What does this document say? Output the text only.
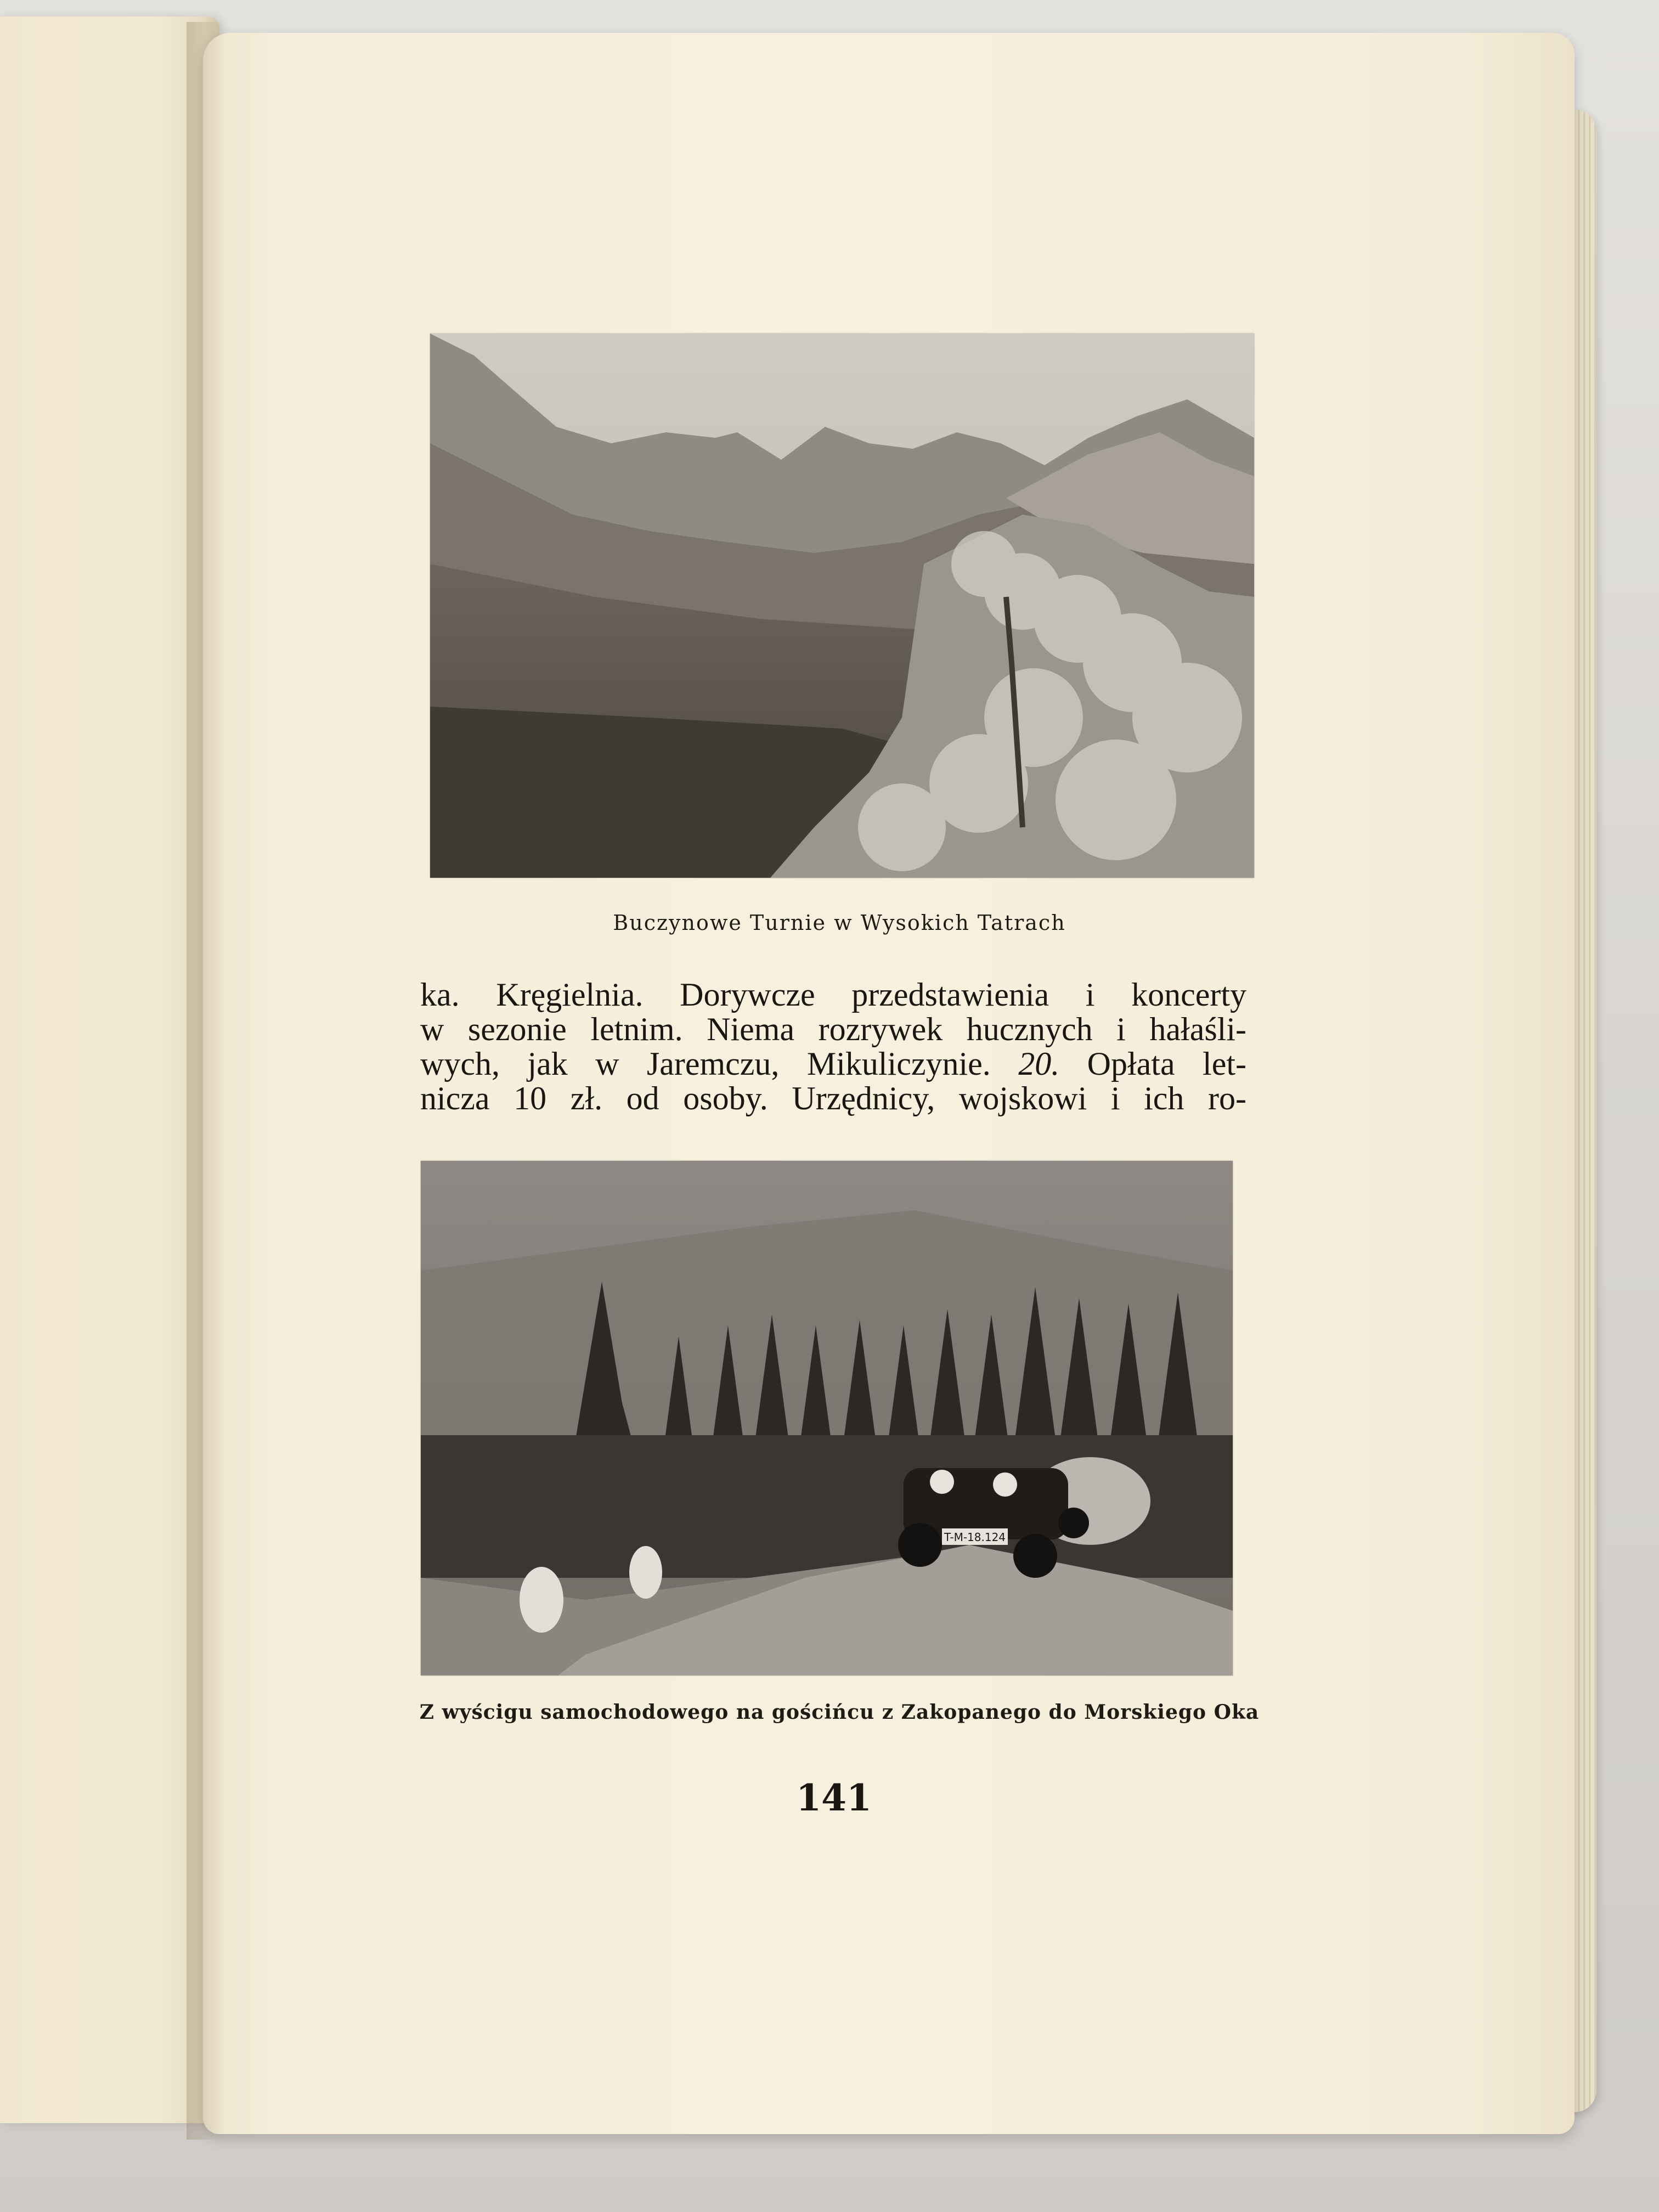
Buczynowe Turnie w Wysokich Tatrach

ka. Kręgielnia. Dorywcze przedstawienia i koncerty
w sezonie letnim. Niema rozrywek hucznych i hałaśli-
wych, jak w Jaremczu, Mikuliczynie. 20. Opłata let-
nicza 10 zł. od osoby. Urzędnicy, wojskowi i ich ro-
T-M-18.124

Z wyścigu samochodowego na gościńcu z Zakopanego do Morskiego Oka

141
